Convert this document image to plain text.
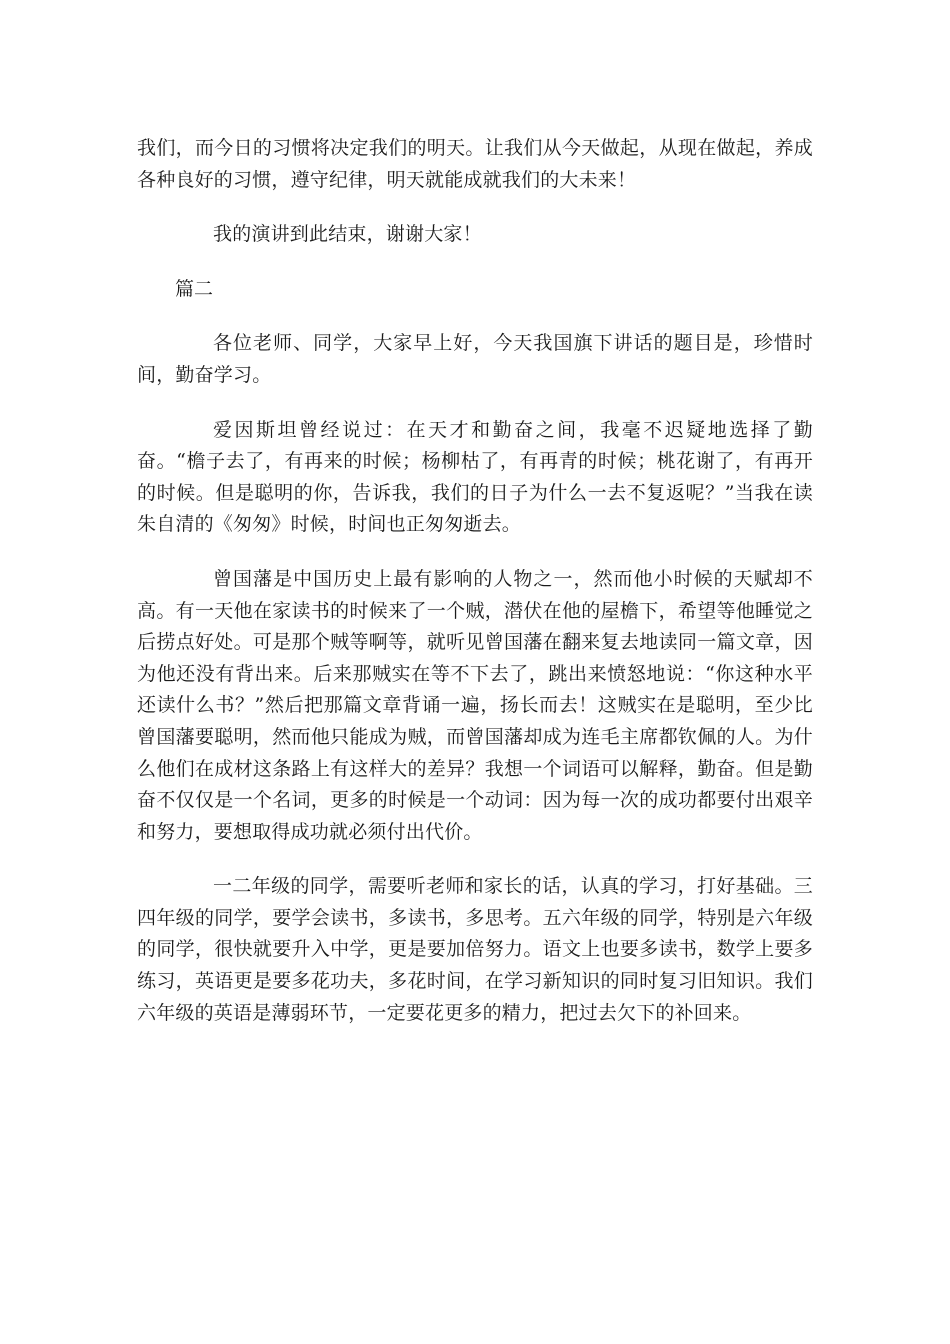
我们，而今日的习惯将决定我们的明天。让我们从今天做起，从现在做起，养成各种良好的习惯，遵守纪律，明天就能成就我们的大未来！

我的演讲到此结束，谢谢大家！

篇二

各位老师、同学，大家早上好，今天我国旗下讲话的题目是，珍惜时间，勤奋学习。

爱因斯坦曾经说过：在天才和勤奋之间，我毫不迟疑地选择了勤奋。“檐子去了，有再来的时候；杨柳枯了，有再青的时候；桃花谢了，有再开的时候。但是聪明的你，告诉我，我们的日子为什么一去不复返呢？”当我在读朱自清的《匆匆》时候，时间也正匆匆逝去。

曾国藩是中国历史上最有影响的人物之一，然而他小时候的天赋却不高。有一天他在家读书的时候来了一个贼，潜伏在他的屋檐下，希望等他睡觉之后捞点好处。可是那个贼等啊等，就听见曾国藩在翻来复去地读同一篇文章，因为他还没有背出来。后来那贼实在等不下去了，跳出来愤怒地说：“你这种水平还读什么书？”然后把那篇文章背诵一遍，扬长而去！这贼实在是聪明，至少比曾国藩要聪明，然而他只能成为贼，而曾国藩却成为连毛主席都钦佩的人。为什么他们在成材这条路上有这样大的差异？我想一个词语可以解释，勤奋。但是勤奋不仅仅是一个名词，更多的时候是一个动词：因为每一次的成功都要付出艰辛和努力，要想取得成功就必须付出代价。

一二年级的同学，需要听老师和家长的话，认真的学习，打好基础。三四年级的同学，要学会读书，多读书，多思考。五六年级的同学，特别是六年级的同学，很快就要升入中学，更是要加倍努力。语文上也要多读书，数学上要多练习，英语更是要多花功夫，多花时间，在学习新知识的同时复习旧知识。我们六年级的英语是薄弱环节，一定要花更多的精力，把过去欠下的补回来。
